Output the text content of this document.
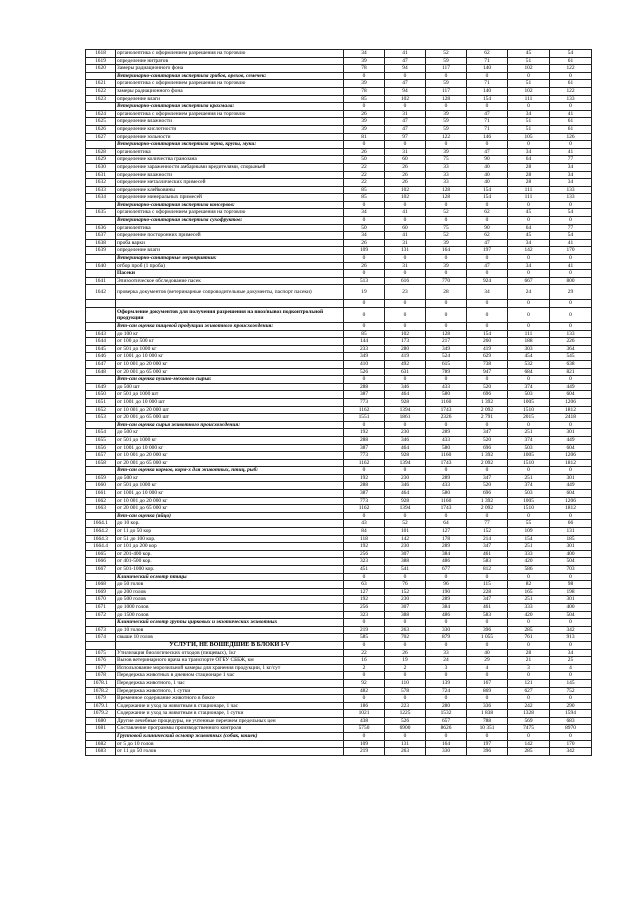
1618	органолептика с оформлением разрешения на торговлю	34	41	52	62	45	54
1619	определение нитратов	39	47	59	71	51	61
1620	Замеры радиационного фона	78	94	117	140	102	122
	Ветеринарно-санитарная экспертиза грибов, орехов, семечек:	0	0	0	0	0	0
1621	органолептика с оформлением разрешения на торговлю	39	47	59	71	51	61
1622	замеры радиационного фона	78	94	117	140	102	122
1623	определение влаги	85	102	128	154	111	133
	Ветеринарно-санитарная экспертиза крахмала:	0	0	0	0	0	0
1624	органолептика с оформлением разрешения на торговлю	26	31	39	47	34	41
1625	определение влажности	39	47	59	71	51	61
1626	определение кислотности	39	47	59	71	51	61
1627	определение зольности	81	97	122	146	105	126
	Ветеринарно-санитарная экспертиза зерна, крупы, муки:	0	0	0	0	0	0
1628	органолептика	26	31	39	47	34	41
1629	определение количества гранозана	50	60	75	90	64	77
1630	определение зараженности амбарными вредителями, спорыньей	22	26	33	40	28	34
1631	определение влажности	22	26	33	40	28	34
1632	определение металлических примесей	22	26	33	40	28	34
1633	определение клейковины	85	102	128	154	111	133
1634	определение минеральных примесей	85	102	128	154	111	133
	Ветеринарно-санитарная экспертиза консервов:	0	0	0	0	0	0
1635	органолептика с оформлением разрешения на торговлю	34	41	52	62	45	54
	Ветеринарно-санитарная экспертиза сухофруктов:	0	0	0	0	0	0
1636	органолептика	50	60	75	90	64	77
1637	определение посторонних примесей	34	41	52	62	45	54
1638	проба варки	26	31	39	47	34	41
1639	определение влаги	109	131	164	197	142	170
	Ветеринарно-санитарные мероприятия:	0	0	0	0	0	0
1640	отбор проб (1 проба)	26	31	39	47	34	41
	Пасеки	0	0	0	0	0	0
1641	Эпизоотическое обследование пасек	513	616	770	924	667	800
1642	проверка документов (ветеринарные сопроводительные документы, паспорт пасеки)	19	23	28	34	24	29
		0	0	0	0	0	0
	Оформление документов для получения разрешения на ввоз/вывоз подконтрольной продукции	0	0	0	0	0	0
	Вет-сан оценка пищевой продукции животного происхождения:	0	0	0	0	0	0
1643	до 100 кг	85	102	128	154	111	133
1644	от 100 до 500 кг	144	173	217	260	188	226
1645	от 501 до 1000 кг	233	280	349	419	303	364
1646	от 1001 до 10 000 кг	349	419	524	629	454	545
1647	от 10 001 до 20 000 кг	410	492	615	738	532	638
1648	от 20 001 до 65 000 кг	526	631	789	947	684	821
	Вет-сан оценка пушно-мехового сырья:	0	0	0	0	0	0
1649	до 500 шт	288	346	433	520	374	449
1650	от 501 до 1000 шт	387	464	580	696	503	604
1651	от 1001 до 10 000 шт	773	928	1160	1 392	1005	1206
1652	от 10 001 до 20 000 шт	1162	1394	1743	2 092	1510	1812
1653	от 20 001 до 65 000 шт	1551	1861	2326	2 791	2015	2418
	Вет-сан оценка сырья животного происхождения:	0	0	0	0	0	0
1654	до 500 кг	192	230	289	347	251	301
1655	от 501 до 1000 кг	288	346	433	520	374	449
1656	от 1001 до 10 000 кг	387	464	580	696	503	604
1657	от 10 001 до 20 000 кг	773	928	1160	1 392	1005	1206
1658	от 20 001 до 65 000 кг	1162	1394	1743	2 092	1510	1812
	Вет-сан оценка кормов, корм-х для животных, птиц, рыб:	0	0	0	0	0	0
1659	до 500 кг	192	230	289	347	251	301
1660	от 501 до 1000 кг	288	346	433	520	374	449
1661	от 1001 до 10 000 кг	387	464	580	696	503	604
1662	от 10 001 до 20 000 кг	773	928	1160	1 392	1005	1206
1663	от 20 001 до 65 000 кг	1162	1394	1743	2 092	1510	1812
	Вет-сан оценка (яйцо)	0	0	0	0	0	0
1664.1	до 10 кор.	43	52	64	77	55	66
1664.2	от 11 до 50 кор	84	101	127	152	109	131
1664.3	от 51 до 100 кор.	118	142	178	214	154	185
1664.4	от 101 до 200 кор	192	230	289	347	251	301
1665	от 201-400 кор.	256	307	384	461	333	400
1666	от 401-500 кор.	323	388	486	583	420	504
1667	от 501-1000 кор.	451	541	677	812	586	703
	Клинический осмотр птицы	0	0	0	0	0	0
1668	до 50 голов	63	76	96	115	82	98
1669	до 200 голов	127	152	190	228	165	198
1670	до 500 голов	192	230	289	347	251	301
1671	до 1000 голов	256	307	384	461	333	400
1672	до 1500 голов	323	388	486	583	420	504
	Клинический осмотр группы цирковых и экзотических животных	0	0	0	0	0	0
1673	до 10 голов	219	263	330	396	285	342
1674	свыше 10 голов	585	702	879	1 055	761	913
	УСЛУГИ, НЕ ВОШЕДШИЕ В БЛОКИ I-V	0	0	0	0	0	0
1675	Утилизация биологических отходов (пищевых), 1кг	22	26	33	40	28	34
1676	Вызов ветеринарного врача на транспорте ОГБУ СББЖ, км	16	19	24	29	21	25
1677	Использование морозильной камеры для хранения продукции, 1 кг/сут	2	2	3	4	3	4
1678	Передержка животных в дневном стационаре 1 час	0	0	0	0	0	0
1678.1	Передержка животного, 1 час	92	110	139	167	121	145
1678.2	Передержка животного, 1 сутки	482	578	724	869	627	752
1679	Временное содержание животного в боксе	0	0	0	0	0	0
1679.1	Содержание и уход за животным в стационаре, 1 час	186	223	280	336	242	290
1679.2	Содержание и уход за животным в стационаре, 1 сутки	1021	1225	1532	1 838	1328	1594
1680	Другие лечебные процедуры, не учтенные перечнем предельных цен	438	526	657	788	569	683
1681	Составление программы производственного контроля	5750	6900	8626	10 351	7475	8970
	Групповой клинический осмотр животных (собак, кошек)	0	0	0	0	0	0
1682	от 5 до 10 голов	109	131	164	197	142	170
1683	от 11 до 50 голов	219	263	330	396	285	342
